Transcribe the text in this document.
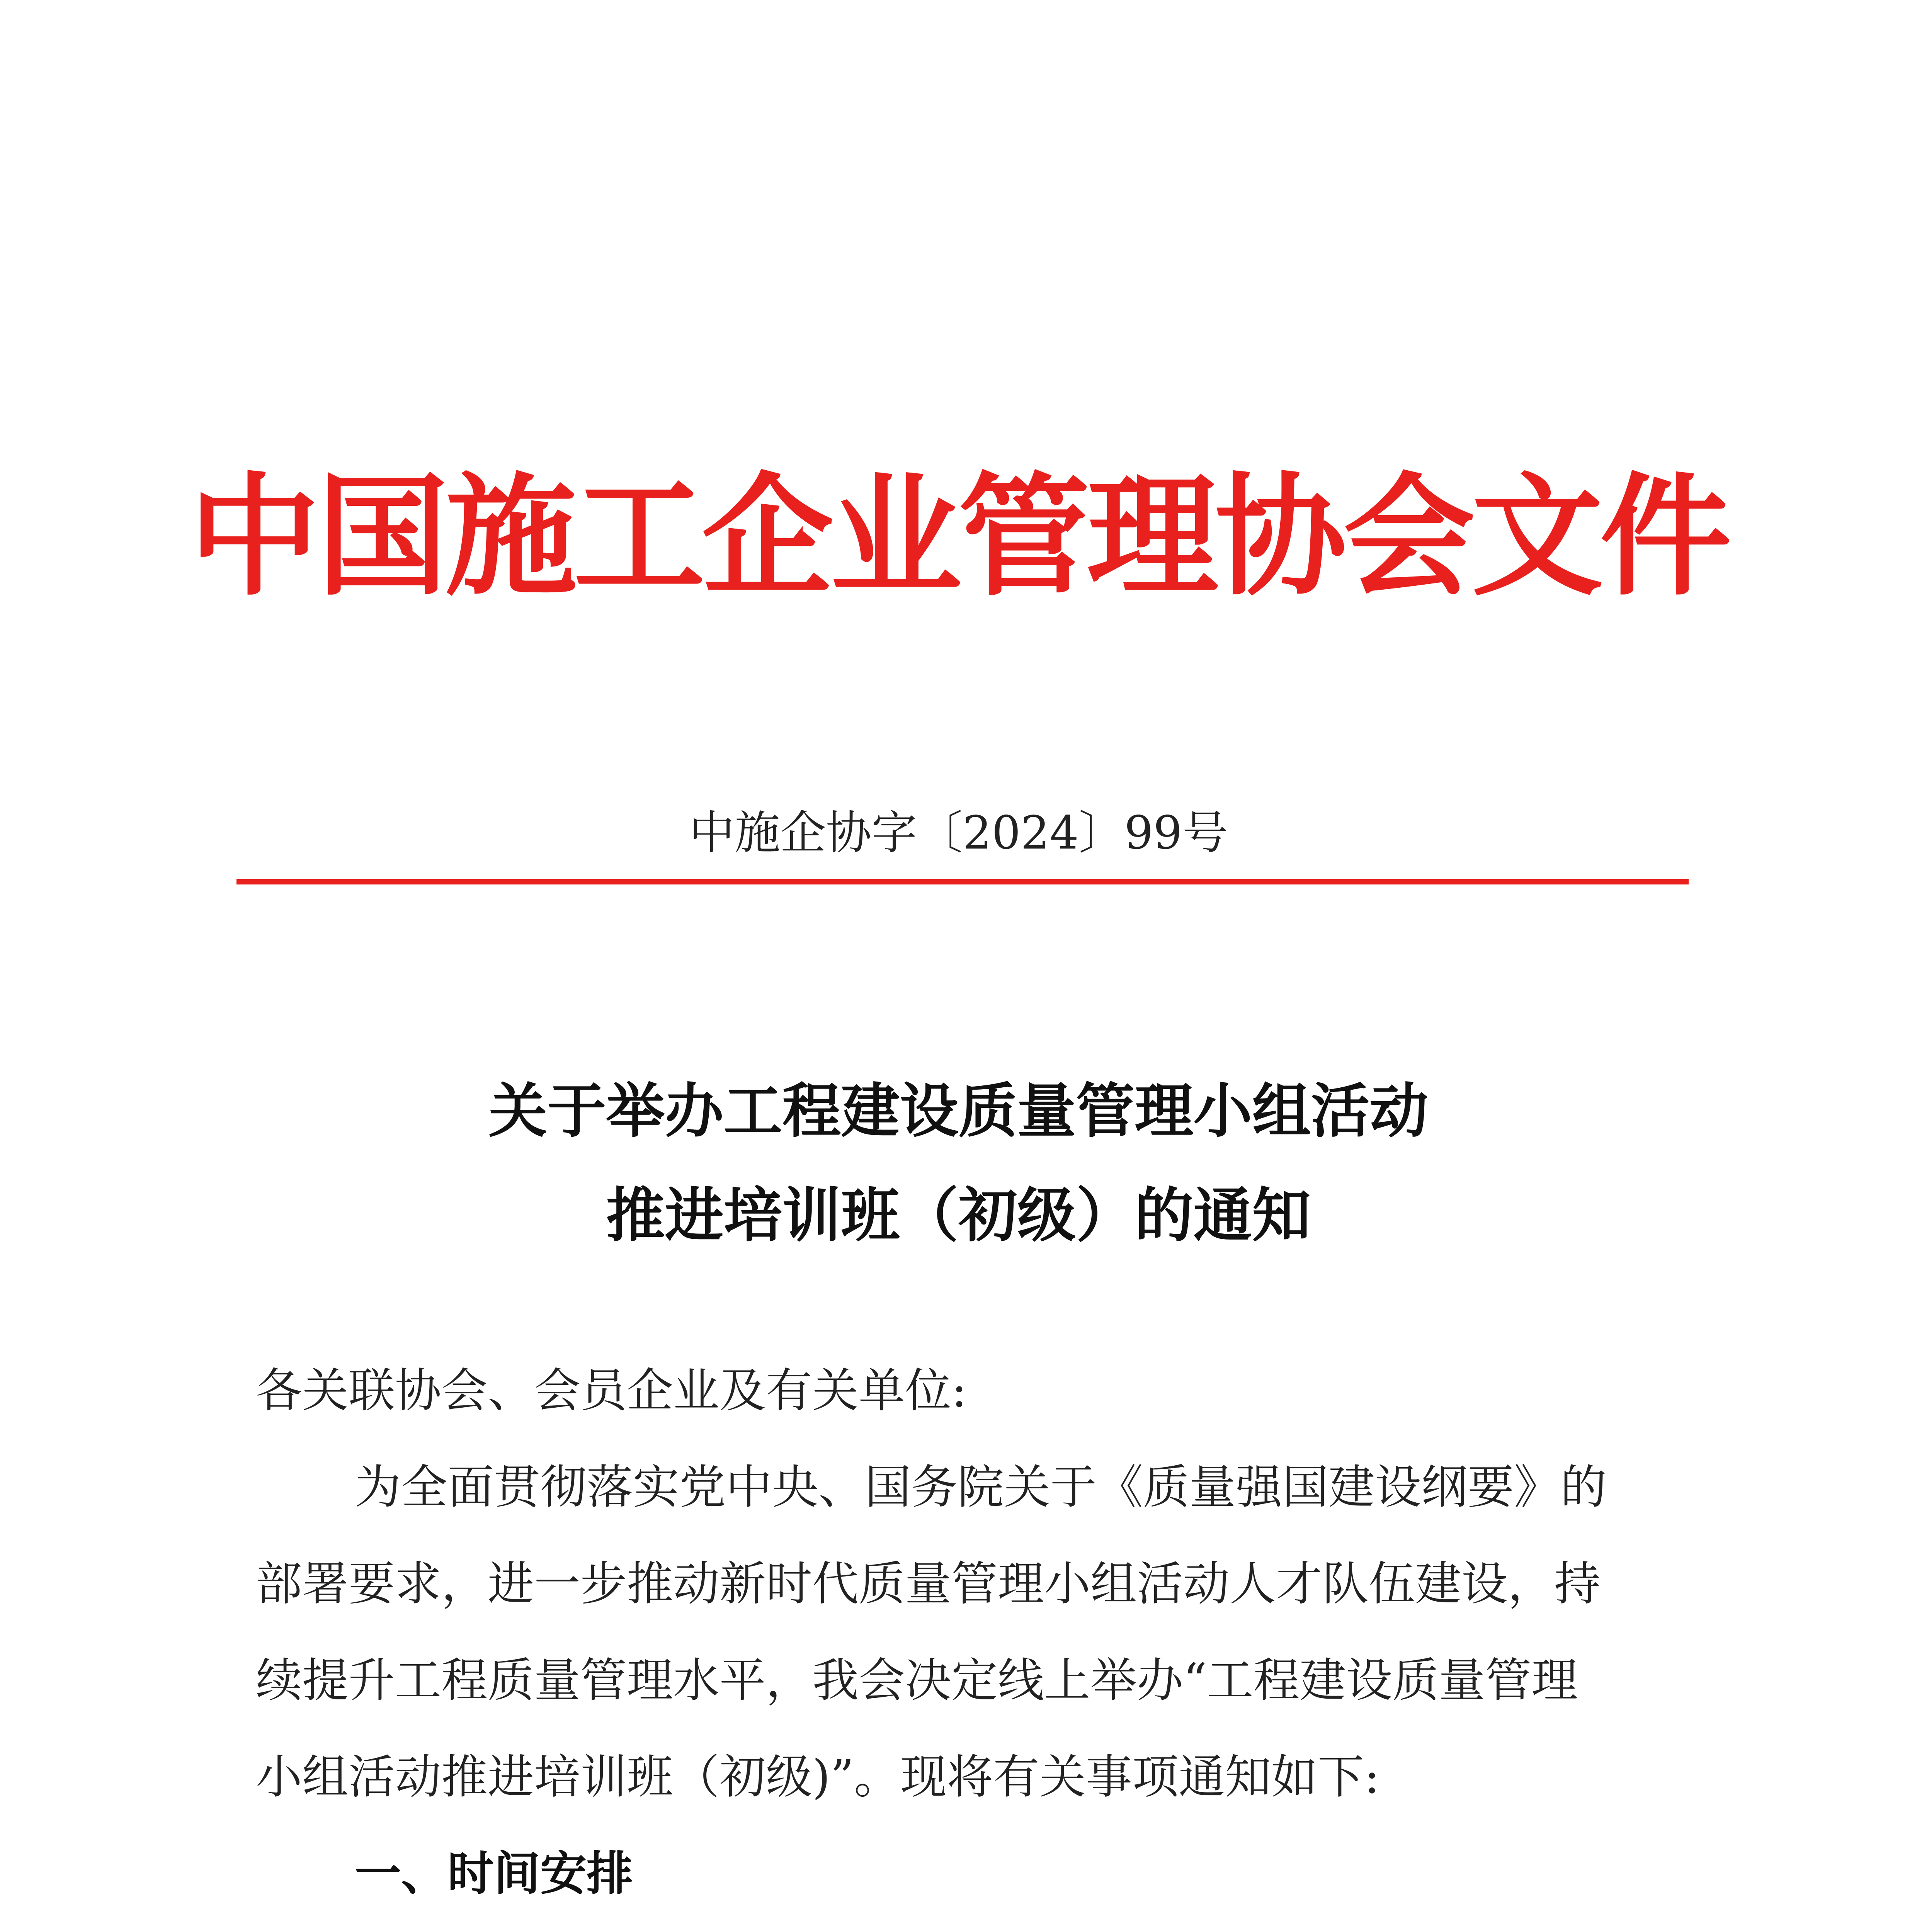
中国施工企业管理协会文件
中施企协字〔2024〕99号
关于举办工程建设质量管理小组活动
推进培训班（初级）的通知
各关联协会、会员企业及有关单位:
为全面贯彻落实党中央、国务院关于《质量强国建设纲要》的
部署要求，进一步推动新时代质量管理小组活动人才队伍建设，持
续提升工程质量管理水平，我会决定线上举办“工程建设质量管理
小组活动推进培训班（初级)”。现将有关事项通知如下:
一、时间安排
